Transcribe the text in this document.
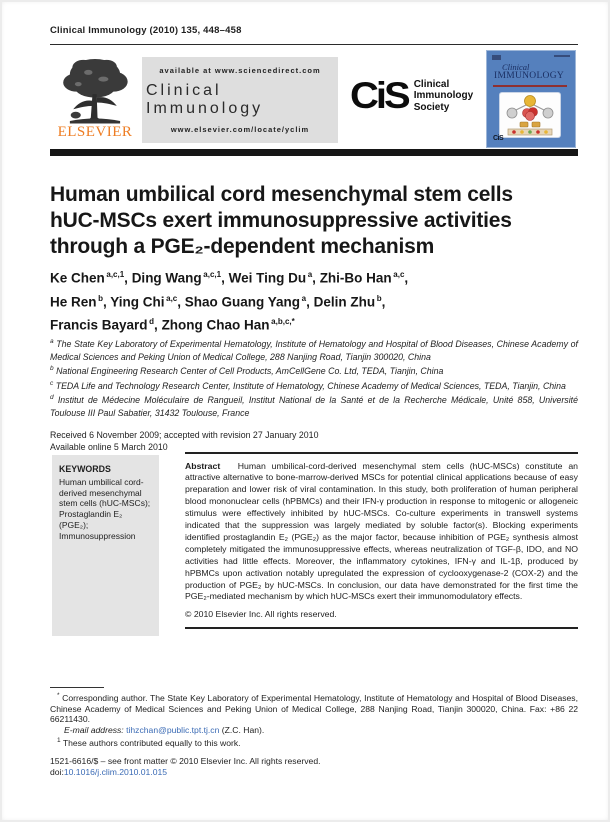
Clinical Immunology (2010) 135, 448–458
ELSEVIER
available at www.sciencedirect.com
Clinical Immunology
www.elsevier.com/locate/yclim
CiS Clinical
Immunology
Society
Clinical
IMMUNOLOGY
CiS
Human umbilical cord mesenchymal stem cells
hUC-MSCs exert immunosuppressive activities
through a PGE₂-dependent mechanism
Ke Chen $^{a,c,1}$, Ding Wang $^{a,c,1}$, Wei Ting Du $^a$, Zhi-Bo Han $^{a,c}$,
He Ren $^b$, Ying Chi $^{a,c}$, Shao Guang Yang $^a$, Delin Zhu $^b$,
Francis Bayard $^d$, Zhong Chao Han $^{a,b,c,*}$
$^a$ The State Key Laboratory of Experimental Hematology, Institute of Hematology and Hospital of Blood Diseases, Chinese Academy of Medical Sciences and Peking Union of Medical College, 288 Nanjing Road, Tianjin 300020, China
$^b$ National Engineering Research Center of Cell Products, AmCellGene Co. Ltd, TEDA, Tianjin, China
$^c$ TEDA Life and Technology Research Center, Institute of Hematology, Chinese Academy of Medical Sciences, TEDA, Tianjin, China
$^d$ Institut de Médecine Moléculaire de Rangueil, Institut National de la Santé et de la Recherche Médicale, Unité 858, Université Toulouse III Paul Sabatier, 31432 Toulouse, France
Received 6 November 2009; accepted with revision 27 January 2010
Available online 5 March 2010
KEYWORDS
Human umbilical cord-derived mesenchymal stem cells (hUC-MSCs);
Prostaglandin E₂ (PGE₂);
Immunosuppression
Abstract Human umbilical-cord-derived mesenchymal stem cells (hUC-MSCs) constitute an attractive alternative to bone-marrow-derived MSCs for potential clinical applications because of easy preparation and lower risk of viral contamination. In this study, both proliferation of human peripheral blood mononuclear cells (hPBMCs) and their IFN-γ production in response to mitogenic or allogeneic stimulus were effectively inhibited by hUC-MSCs. Co-culture experiments in transwell systems indicated that the suppression was largely mediated by soluble factor(s). Blocking experiments identified prostaglandin E₂ (PGE₂) as the major factor, because inhibition of PGE₂ synthesis almost completely mitigated the immunosuppressive effects, whereas neutralization of TGF-β, IDO, and NO activities had little effects. Moreover, the inflammatory cytokines, IFN-γ and IL-1β, produced by hPBMCs upon activation notably upregulated the expression of cyclooxygenase-2 (COX-2) and the production of PGE₂ by hUC-MSCs. In conclusion, our data have demonstrated for the first time the PGE₂-mediated mechanism by which hUC-MSCs exert their immunomodulatory effects.
© 2010 Elsevier Inc. All rights reserved.
* Corresponding author. The State Key Laboratory of Experimental Hematology, Institute of Hematology and Hospital of Blood Diseases, Chinese Academy of Medical Sciences and Peking Union of Medical College, 288 Nanjing Road, Tianjin 300020, China. Fax: +86 22 66211430.
E-mail address: tihzchan@public.tpt.tj.cn (Z.C. Han).
$^1$ These authors contributed equally to this work.
1521-6616/$ – see front matter © 2010 Elsevier Inc. All rights reserved.
doi:10.1016/j.clim.2010.01.015
